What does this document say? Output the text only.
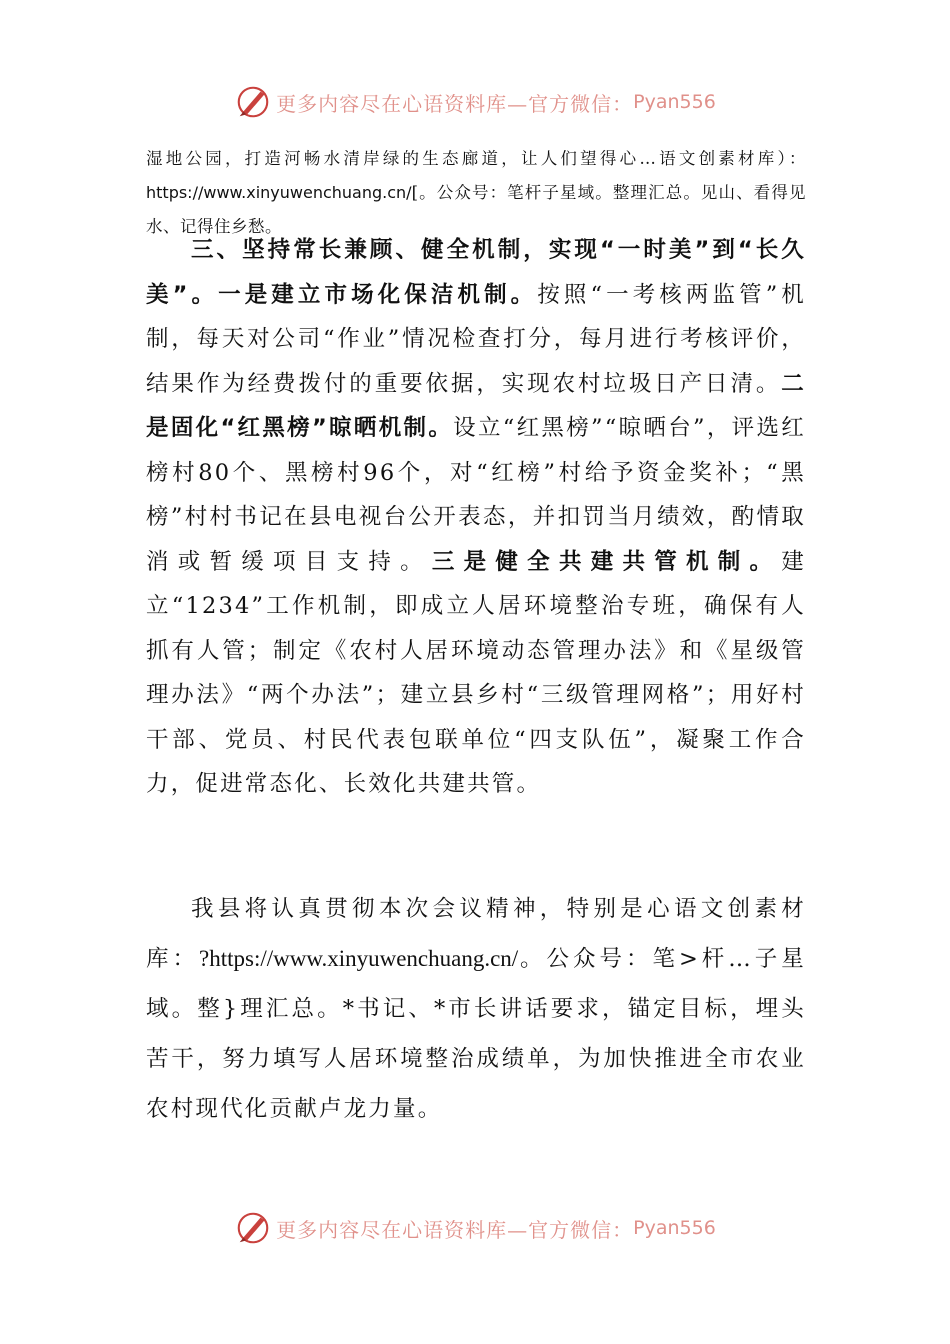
更多内容尽在心语资料库—官方微信： Pyan556
湿地公园，打造河畅水清岸绿的生态廊道，让人们望得心…语文创素材库）： https://www.xinyuwenchuang.cn/[。公众号：笔杆子星域。整理汇总。见山、看得见水、记得住乡愁。
三、坚持常长兼顾、健全机制，实现“一时美”到“长久美”。一是建立市场化保洁机制。按照“一考核两监管”机制，每天对公司“作业”情况检查打分，每月进行考核评价，结果作为经费拨付的重要依据，实现农村垃圾日产日清。二是固化“红黑榜”晾晒机制。设立“红黑榜”“晾晒台”，评选红榜村80个、黑榜村96个，对“红榜”村给予资金奖补；“黑榜”村村书记在县电视台公开表态，并扣罚当月绩效，酌情取消或暂缓项目支持。三是健全共建共管机制。建立“1234”工作机制，即成立人居环境整治专班，确保有人抓有人管；制定《农村人居环境动态管理办法》和《星级管理办法》“两个办法”；建立县乡村“三级管理网格”；用好村干部、党员、村民代表包联单位“四支队伍”，凝聚工作合力，促进常态化、长效化共建共管。
我县将认真贯彻本次会议精神，特别是心语文创素材库：?https://www.xinyuwenchuang.cn/。公众号：笔>杆…子星域。整}理汇总。*书记、*市长讲话要求，锚定目标，埋头苦干，努力填写人居环境整治成绩单，为加快推进全市农业农村现代化贡献卢龙力量。
更多内容尽在心语资料库—官方微信： Pyan556
